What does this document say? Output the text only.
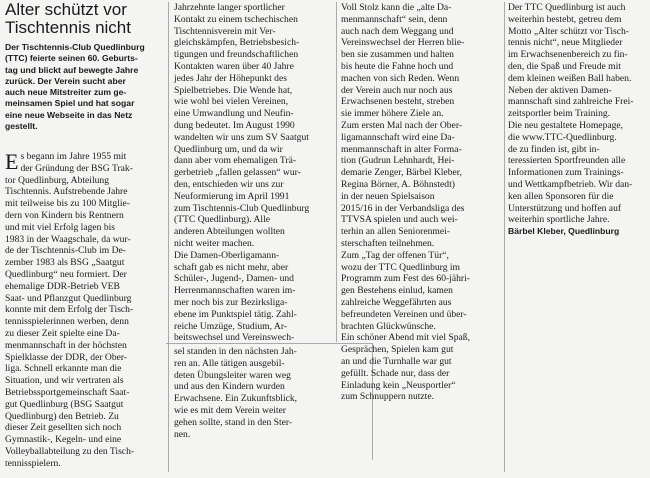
Alter schützt vor
Tischtennis nicht
Der Tischtennis-Club Quedlinburg
(TTC) feierte seinen 60. Geburts-
tag und blickt auf bewegte Jahre
zurück. Der Verein sucht aber
auch neue Mitstreiter zum ge-
meinsamen Spiel und hat sogar
eine neue Webseite in das Netz
gestellt.
Es begann im Jahre 1955 mit
der Gründung der BSG Trak-
tor Quedlinburg, Abteilung
Tischtennis. Aufstrebende Jahre
mit teilweise bis zu 100 Mitglie-
dern von Kindern bis Rentnern
und mit viel Erfolg lagen bis
1983 in der Waagschale, da wur-
de der Tischtennis-Club im De-
zember 1983 als BSG „Saatgut
Quedlinburg“ neu formiert. Der
ehemalige DDR-Betrieb VEB
Saat- und Pflanzgut Quedlinburg
konnte mit dem Erfolg der Tisch-
tennisspielerinnen werben, denn
zu dieser Zeit spielte eine Da-
menmannschaft in der höchsten
Spielklasse der DDR, der Ober-
liga. Schnell erkannte man die
Situation, und wir vertraten als
Betriebssportgemeinschaft Saat-
gut Quedlinburg (BSG Saatgut
Quedlinburg) den Betrieb. Zu
dieser Zeit gesellten sich noch
Gymnastik-, Kegeln- und eine
Volleyballabteilung zu den Tisch-
tennisspielern.
Jahrzehnte langer sportlicher
Kontakt zu einem tschechischen
Tischtennisverein mit Ver-
gleichskämpfen, Betriebsbesich-
tigungen und freundschaftlichen
Kontakten waren über 40 Jahre
jedes Jahr der Höhepunkt des
Spielbetriebes. Die Wende hat,
wie wohl bei vielen Vereinen,
eine Umwandlung und Neufin-
dung bedeutet. Im August 1990
wandelten wir uns zum SV Saatgut
Quedlinburg um, und da wir
dann aber vom ehemaligen Trä-
gerbetrieb „fallen gelassen“ wur-
den, entschieden wir uns zur
Neuformierung im April 1991
zum Tischtennis-Club Quedlinburg
(TTC Quedlinburg). Alle
anderen Abteilungen wollten
nicht weiter machen.
Die Damen-Oberligamann-
schaft gab es nicht mehr, aber
Schüler-, Jugend-, Damen- und
Herrenmannschaften waren im-
mer noch bis zur Bezirksliga-
ebene im Punktspiel tätig. Zahl-
reiche Umzüge, Studium, Ar-
beitswechsel und Vereinswech-
sel standen in den nächsten Jah-
ren an. Alle tätigen ausgebil-
deten Übungsleiter waren weg
und aus den Kindern wurden
Erwachsene. Ein Zukunftsblick,
wie es mit dem Verein weiter
gehen sollte, stand in den Ster-
nen.
Voll Stolz kann die „alte Da-
menmannschaft“ sein, denn
auch nach dem Weggang und
Vereinswechsel der Herren blie-
ben sie zusammen und halten
bis heute die Fahne hoch und
machen von sich Reden. Wenn
der Verein auch nur noch aus
Erwachsenen besteht, streben
sie immer höhere Ziele an.
Zum ersten Mal nach der Ober-
ligamannschaft wird eine Da-
menmannschaft in alter Forma-
tion (Gudrun Lehnhardt, Hei-
demarie Zenger, Bärbel Kleber,
Regina Börner, A. Böhnstedt)
in der neuen Spielsaison
2015/16 in der Verbandsliga des
TTVSA spielen und auch wei-
terhin an allen Seniorenmei-
sterschaften teilnehmen.
Zum „Tag der offenen Tür“,
wozu der TTC Quedlinburg im
Programm zum Fest des 60-jähri-
gen Bestehens einlud, kamen
zahlreiche Weggefährten aus
befreundeten Vereinen und über-
brachten Glückwünsche.
Ein schöner Abend mit viel Spaß,
Gesprächen, Spielen kam gut
an und die Turnhalle war gut
gefüllt. Schade nur, dass der
Einladung kein „Neusportler“
zum Schnuppern nutzte.
Der TTC Quedlinburg ist auch
weiterhin bestebt, getreu dem
Motto „Alter schützt vor Tisch-
tennis nicht“, neue Mitglieder
im Erwachsenenbereich zu fin-
den, die Spaß und Freude mit
dem kleinen weißen Ball haben.
Neben der aktiven Damen-
mannschaft sind zahlreiche Frei-
zeitsportler beim Training.
Die neu gestaltete Homepage,
die www.TTC-Quedlinburg.
de zu finden ist, gibt in-
teressierten Sportfreunden alle
Informationen zum Trainings-
und Wettkampfbetrieb. Wir dan-
ken allen Sponsoren für die
Unterstützung und hoffen auf
weiterhin sportliche Jahre.
Bärbel Kleber, Quedlinburg
